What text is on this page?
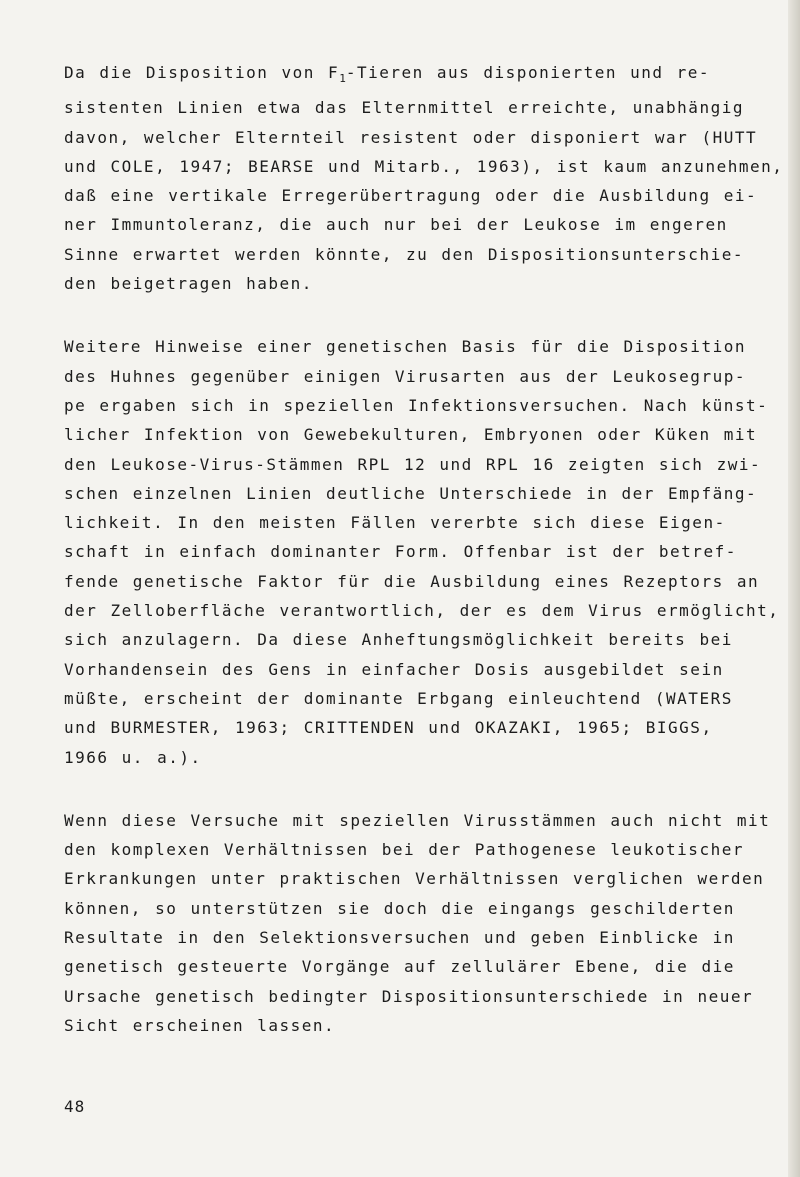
Da die Disposition von $F_1$-Tieren aus disponierten und re-
sistenten Linien etwa das Elternmittel erreichte, unabhängig
davon, welcher Elternteil resistent oder disponiert war (HUTT
und COLE, 1947; BEARSE und Mitarb., 1963), ist kaum anzunehmen,
daß eine vertikale Erregerübertragung oder die Ausbildung ei-
ner Immuntoleranz, die auch nur bei der Leukose im engeren
Sinne erwartet werden könnte, zu den Dispositionsunterschie-
den beigetragen haben.
Weitere Hinweise einer genetischen Basis für die Disposition
des Huhnes gegenüber einigen Virusarten aus der Leukosegrup-
pe ergaben sich in speziellen Infektionsversuchen. Nach künst-
licher Infektion von Gewebekulturen, Embryonen oder Küken mit
den Leukose-Virus-Stämmen RPL 12 und RPL 16 zeigten sich zwi-
schen einzelnen Linien deutliche Unterschiede in der Empfäng-
lichkeit. In den meisten Fällen vererbte sich diese Eigen-
schaft in einfach dominanter Form. Offenbar ist der betref-
fende genetische Faktor für die Ausbildung eines Rezeptors an
der Zelloberfläche verantwortlich, der es dem Virus ermöglicht,
sich anzulagern. Da diese Anheftungsmöglichkeit bereits bei
Vorhandensein des Gens in einfacher Dosis ausgebildet sein
müßte, erscheint der dominante Erbgang einleuchtend (WATERS
und BURMESTER, 1963; CRITTENDEN und OKAZAKI, 1965; BIGGS,
1966 u. a.).
Wenn diese Versuche mit speziellen Virusstämmen auch nicht mit
den komplexen Verhältnissen bei der Pathogenese leukotischer
Erkrankungen unter praktischen Verhältnissen verglichen werden
können, so unterstützen sie doch die eingangs geschilderten
Resultate in den Selektionsversuchen und geben Einblicke in
genetisch gesteuerte Vorgänge auf zellulärer Ebene, die die
Ursache genetisch bedingter Dispositionsunterschiede in neuer
Sicht erscheinen lassen.
48
